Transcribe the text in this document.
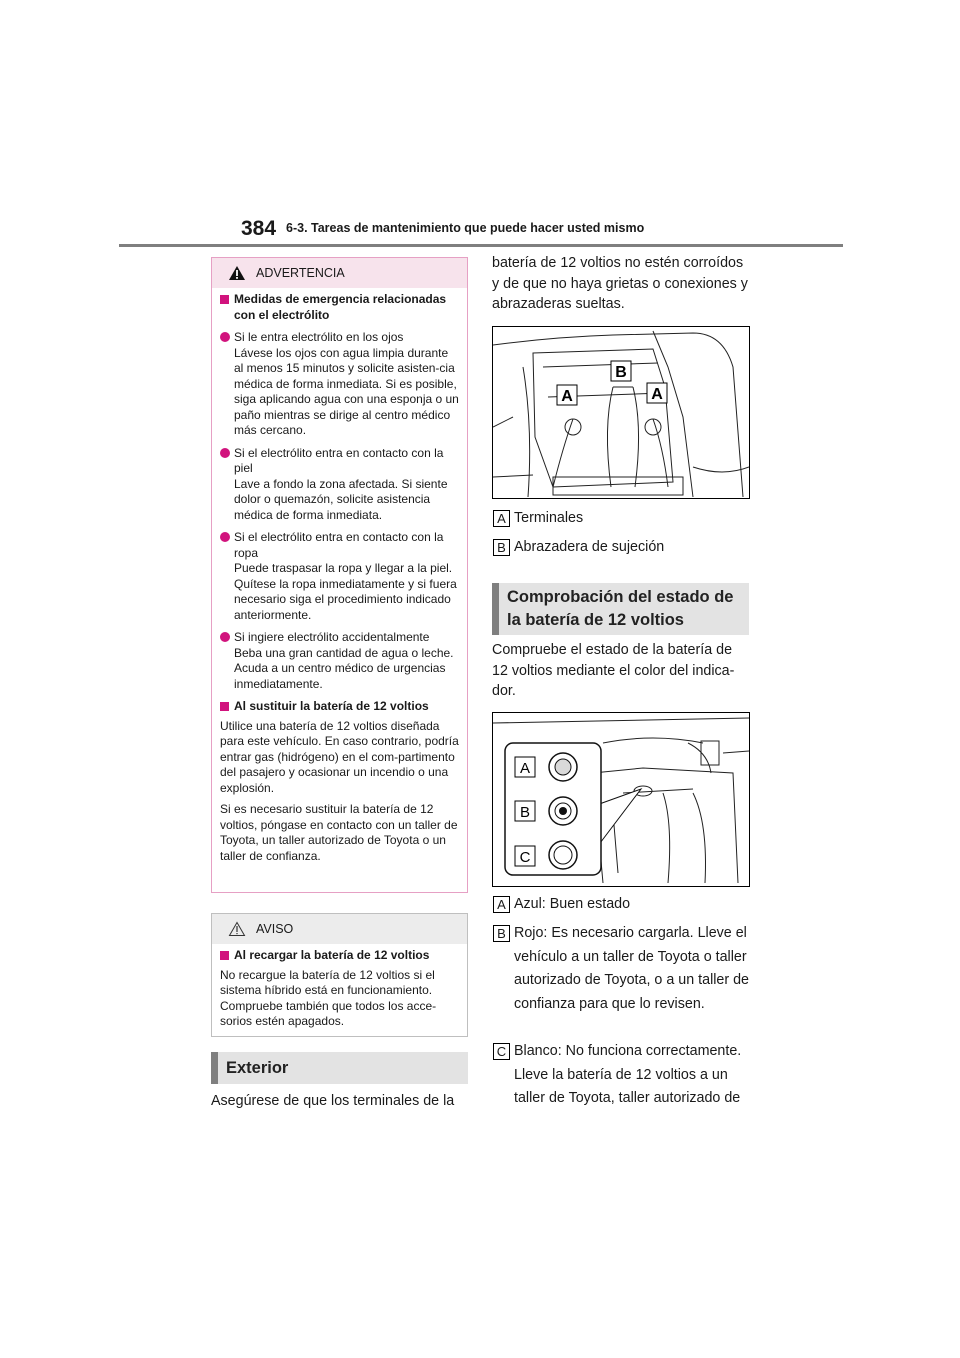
384 6-3. Tareas de mantenimiento que puede hacer usted mismo
ADVERTENCIA
Medidas de emergencia relacionadas con el electrólito
Si le entra electrólito en los ojos
Lávese los ojos con agua limpia durante al menos 15 minutos y solicite asisten-cia médica de forma inmediata. Si es posible, siga aplicando agua con una esponja o un paño mientras se dirige al centro médico más cercano.
Si el electrólito entra en contacto con la piel
Lave a fondo la zona afectada. Si siente dolor o quemazón, solicite asistencia médica de forma inmediata.
Si el electrólito entra en contacto con la ropa
Puede traspasar la ropa y llegar a la piel. Quítese la ropa inmediatamente y si fuera necesario siga el procedimiento indicado anteriormente.
Si ingiere electrólito accidentalmente
Beba una gran cantidad de agua o leche. Acuda a un centro médico de urgencias inmediatamente.
Al sustituir la batería de 12 voltios

Utilice una batería de 12 voltios diseñada para este vehículo. En caso contrario, podría entrar gas (hidrógeno) en el com-partimento del pasajero y ocasionar un incendio o una explosión.

Si es necesario sustituir la batería de 12 voltios, póngase en contacto con un taller de Toyota, un taller autorizado de Toyota o un taller de confianza.

AVISO
Al recargar la batería de 12 voltios

No recargue la batería de 12 voltios si el sistema híbrido está en funcionamiento. Compruebe también que todos los acce-sorios estén apagados.

Exterior
Asegúrese de que los terminales de la
batería de 12 voltios no estén corroídos y de que no haya grietas o conexiones y abrazaderas sueltas.
A
B
A
A Terminales
B Abrazadera de sujeción
Comprobación del estado de la batería de 12 voltios
Compruebe el estado de la batería de 12 voltios mediante el color del indica-dor.
A
B
C
A Azul: Buen estado
B Rojo: Es necesario cargarla. Lleve el vehículo a un taller de Toyota o taller autorizado de Toyota, o a un taller de confianza para que lo revisen.
C Blanco: No funciona correctamente. Lleve la batería de 12 voltios a un taller de Toyota, taller autorizado de
